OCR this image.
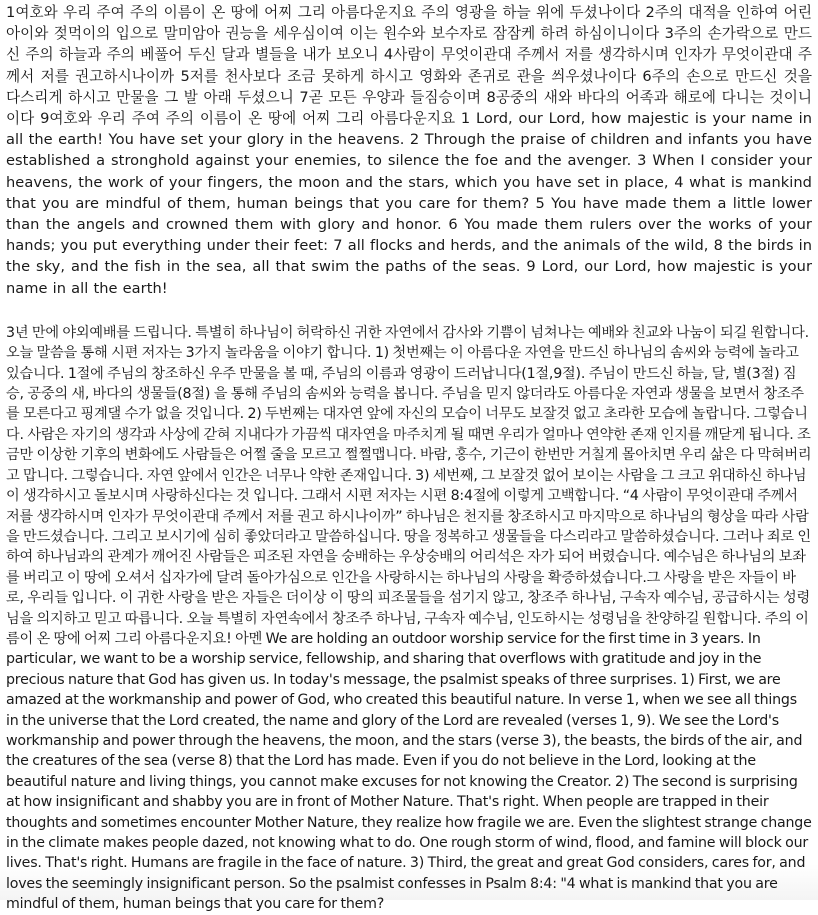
1여호와 우리 주여 주의 이름이 온 땅에 어찌 그리 아름다운지요 주의 영광을 하늘 위에 두셨나이다 2주의 대적을 인하여 어린 아이와 젖먹이의 입으로 말미암아 권능을 세우심이여 이는 원수와 보수자로 잠잠케 하려 하심이니이다 3주의 손가락으로 만드신 주의 하늘과 주의 베풀어 두신 달과 별들을 내가 보오니 4사람이 무엇이관대 주께서 저를 생각하시며 인자가 무엇이관대 주께서 저를 권고하시나이까 5저를 천사보다 조금 못하게 하시고 영화와 존귀로 관을 씌우셨나이다 6주의 손으로 만드신 것을 다스리게 하시고 만물을 그 발 아래 두셨으니 7곧 모든 우양과 들짐승이며 8공중의 새와 바다의 어족과 해로에 다니는 것이니이다 9여호와 우리 주여 주의 이름이 온 땅에 어찌 그리 아름다운지요 1 Lord, our Lord, how majestic is your name in all the earth! You have set your glory in the heavens. 2 Through the praise of children and infants you have established a stronghold against your enemies, to silence the foe and the avenger. 3 When I consider your heavens, the work of your fingers, the moon and the stars, which you have set in place, 4 what is mankind that you are mindful of them, human beings that you care for them? 5 You have made them a little lower than the angels and crowned them with glory and honor. 6 You made them rulers over the works of your hands; you put everything under their feet: 7 all flocks and herds, and the animals of the wild, 8 the birds in the sky, and the fish in the sea, all that swim the paths of the seas. 9 Lord, our Lord, how majestic is your name in all the earth!

3년 만에 야외예배를 드립니다. 특별히 하나님이 허락하신 귀한 자연에서 감사와 기쁨이 넘쳐나는 예배와 친교와 나눔이 되길 원합니다. 오늘 말씀을 통해 시편 저자는 3가지 놀라움을 이야기 합니다. 1) 첫번째는 이 아름다운 자연을 만드신 하나님의 솜씨와 능력에 놀라고 있습니다. 1절에 주님의 창조하신 우주 만물을 볼 때, 주님의 이름과 영광이 드러납니다(1절,9절). 주님이 만드신 하늘, 달, 별(3절) 짐승, 공중의 새, 바다의 생물들(8절) 을 통해 주님의 솜씨와 능력을 봅니다. 주님을 믿지 않더라도 아름다운 자연과 생물을 보면서 창조주를 모른다고 핑계댈 수가 없을 것입니다. 2) 두번째는 대자연 앞에 자신의 모습이 너무도 보잘것 없고 초라한 모습에 놀랍니다. 그렇습니다. 사람은 자기의 생각과 사상에 갇혀 지내다가 가끔씩 대자연을 마주치게 될 때면 우리가 얼마나 연약한 존재 인지를 깨닫게 됩니다. 조금만 이상한 기후의 변화에도 사람들은 어쩔 줄을 모르고 쩔쩔맵니다. 바람, 홍수, 기근이 한번만 거칠게 몰아치면 우리 삶은 다 막혀버리고 맙니다. 그렇습니다. 자연 앞에서 인간은 너무나 약한 존재입니다. 3) 세번째, 그 보잘것 없어 보이는 사람을 그 크고 위대하신 하나님이 생각하시고 돌보시며 사랑하신다는 것 입니다. 그래서 시편 저자는 시편 8:4절에 이렇게 고백합니다. “4 사람이 무엇이관대 주께서 저를 생각하시며 인자가 무엇이관대 주께서 저를 권고 하시나이까” 하나님은 천지를 창조하시고 마지막으로 하나님의 형상을 따라 사람을 만드셨습니다. 그리고 보시기에 심히 좋았더라고 말씀하십니다. 땅을 정복하고 생물들을 다스리라고 말씀하셨습니다. 그러나 죄로 인하여 하나님과의 관계가 깨어진 사람들은 피조된 자연을 숭배하는 우상숭배의 어리석은 자가 되어 버렸습니다. 예수님은 하나님의 보좌를 버리고 이 땅에 오셔서 십자가에 달려 돌아가심으로 인간을 사랑하시는 하나님의 사랑을 확증하셨습니다.그 사랑을 받은 자들이 바로, 우리들 입니다. 이 귀한 사랑을 받은 자들은 더이상 이 땅의 피조물들을 섬기지 않고, 창조주 하나님, 구속자 예수님, 공급하시는 성령님을 의지하고 믿고 따릅니다. 오늘 특별히 자연속에서 창조주 하나님, 구속자 예수님, 인도하시는 성령님을 찬양하길 원합니다. 주의 이름이 온 땅에 어찌 그리 아름다운지요! 아멘 We are holding an outdoor worship service for the first time in 3 years. In particular, we want to be a worship service, fellowship, and sharing that overflows with gratitude and joy in the precious nature that God has given us. In today's message, the psalmist speaks of three surprises. 1) First, we are amazed at the workmanship and power of God, who created this beautiful nature. In verse 1, when we see all things in the universe that the Lord created, the name and glory of the Lord are revealed (verses 1, 9). We see the Lord's workmanship and power through the heavens, the moon, and the stars (verse 3), the beasts, the birds of the air, and the creatures of the sea (verse 8) that the Lord has made. Even if you do not believe in the Lord, looking at the beautiful nature and living things, you cannot make excuses for not knowing the Creator. 2) The second is surprising at how insignificant and shabby you are in front of Mother Nature. That's right. When people are trapped in their thoughts and sometimes encounter Mother Nature, they realize how fragile we are. Even the slightest strange change in the climate makes people dazed, not knowing what to do. One rough storm of wind, flood, and famine will block our lives. That's right. Humans are fragile in the face of nature. 3) Third, the great and great God considers, cares for, and loves the seemingly insignificant person. So the psalmist confesses in Psalm 8:4: "4 what is mankind that you are mindful of them, human beings that you care for them?
